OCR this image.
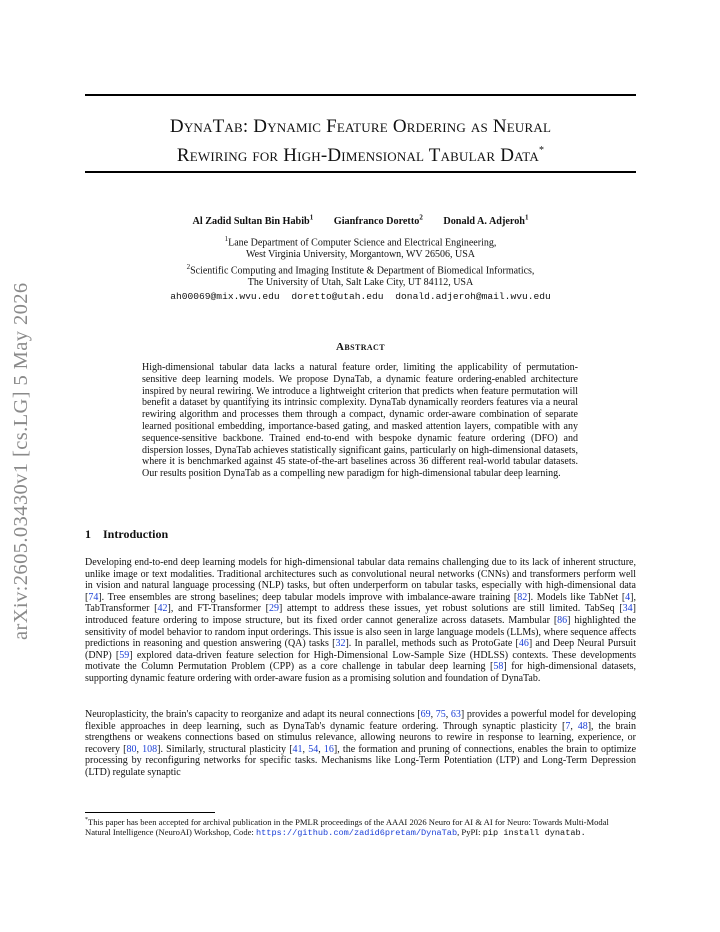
arXiv:2605.03430v1 [cs.LG] 5 May 2026
DynaTab: Dynamic Feature Ordering as Neural
Rewiring for High-Dimensional Tabular Data*
Al Zadid Sultan Bin Habib$^1$ Gianfranco Doretto$^2$ Donald A. Adjeroh$^1$
$^1$Lane Department of Computer Science and Electrical Engineering,
West Virginia University, Morgantown, WV 26506, USA
$^2$Scientific Computing and Imaging Institute & Department of Biomedical Informatics,
The University of Utah, Salt Lake City, UT 84112, USA
ah00069@mix.wvu.edu doretto@utah.edu donald.adjeroh@mail.wvu.edu
Abstract
High-dimensional tabular data lacks a natural feature order, limiting the applicability of permutation-sensitive deep learning models. We propose DynaTab, a dynamic feature ordering-enabled architecture inspired by neural rewiring. We introduce a lightweight criterion that predicts when feature permutation will benefit a dataset by quantifying its intrinsic complexity. DynaTab dynamically reorders features via a neural rewiring algorithm and processes them through a compact, dynamic order-aware combination of separate learned positional embedding, importance-based gating, and masked attention layers, compatible with any sequence-sensitive backbone. Trained end-to-end with bespoke dynamic feature ordering (DFO) and dispersion losses, DynaTab achieves statistically significant gains, particularly on high-dimensional datasets, where it is benchmarked against 45 state-of-the-art baselines across 36 different real-world tabular datasets. Our results position DynaTab as a compelling new paradigm for high-dimensional tabular deep learning.
1 Introduction
Developing end-to-end deep learning models for high-dimensional tabular data remains challenging due to its lack of inherent structure, unlike image or text modalities. Traditional architectures such as convolutional neural networks (CNNs) and transformers perform well in vision and natural language processing (NLP) tasks, but often underperform on tabular tasks, especially with high-dimensional data [74]. Tree ensembles are strong baselines; deep tabular models improve with imbalance-aware training [82]. Models like TabNet [4], TabTransformer [42], and FT-Transformer [29] attempt to address these issues, yet robust solutions are still limited. TabSeq [34] introduced feature ordering to impose structure, but its fixed order cannot generalize across datasets. Mambular [86] highlighted the sensitivity of model behavior to random input orderings. This issue is also seen in large language models (LLMs), where sequence affects predictions in reasoning and question answering (QA) tasks [32]. In parallel, methods such as ProtoGate [46] and Deep Neural Pursuit (DNP) [59] explored data-driven feature selection for High-Dimensional Low-Sample Size (HDLSS) contexts. These developments motivate the Column Permutation Problem (CPP) as a core challenge in tabular deep learning [58] for high-dimensional datasets, supporting dynamic feature ordering with order-aware fusion as a promising solution and foundation of DynaTab.
Neuroplasticity, the brain's capacity to reorganize and adapt its neural connections [69, 75, 63] provides a powerful model for developing flexible approaches in deep learning, such as DynaTab's dynamic feature ordering. Through synaptic plasticity [7, 48], the brain strengthens or weakens connections based on stimulus relevance, allowing neurons to rewire in response to learning, experience, or recovery [80, 108]. Similarly, structural plasticity [41, 54, 16], the formation and pruning of connections, enables the brain to optimize processing by reconfiguring networks for specific tasks. Mechanisms like Long-Term Potentiation (LTP) and Long-Term Depression (LTD) regulate synaptic
*This paper has been accepted for archival publication in the PMLR proceedings of the AAAI 2026 Neuro for AI & AI for Neuro: Towards Multi-Modal Natural Intelligence (NeuroAI) Workshop, Code: https://github.com/zadid6pretam/DynaTab, PyPI: pip install dynatab.
